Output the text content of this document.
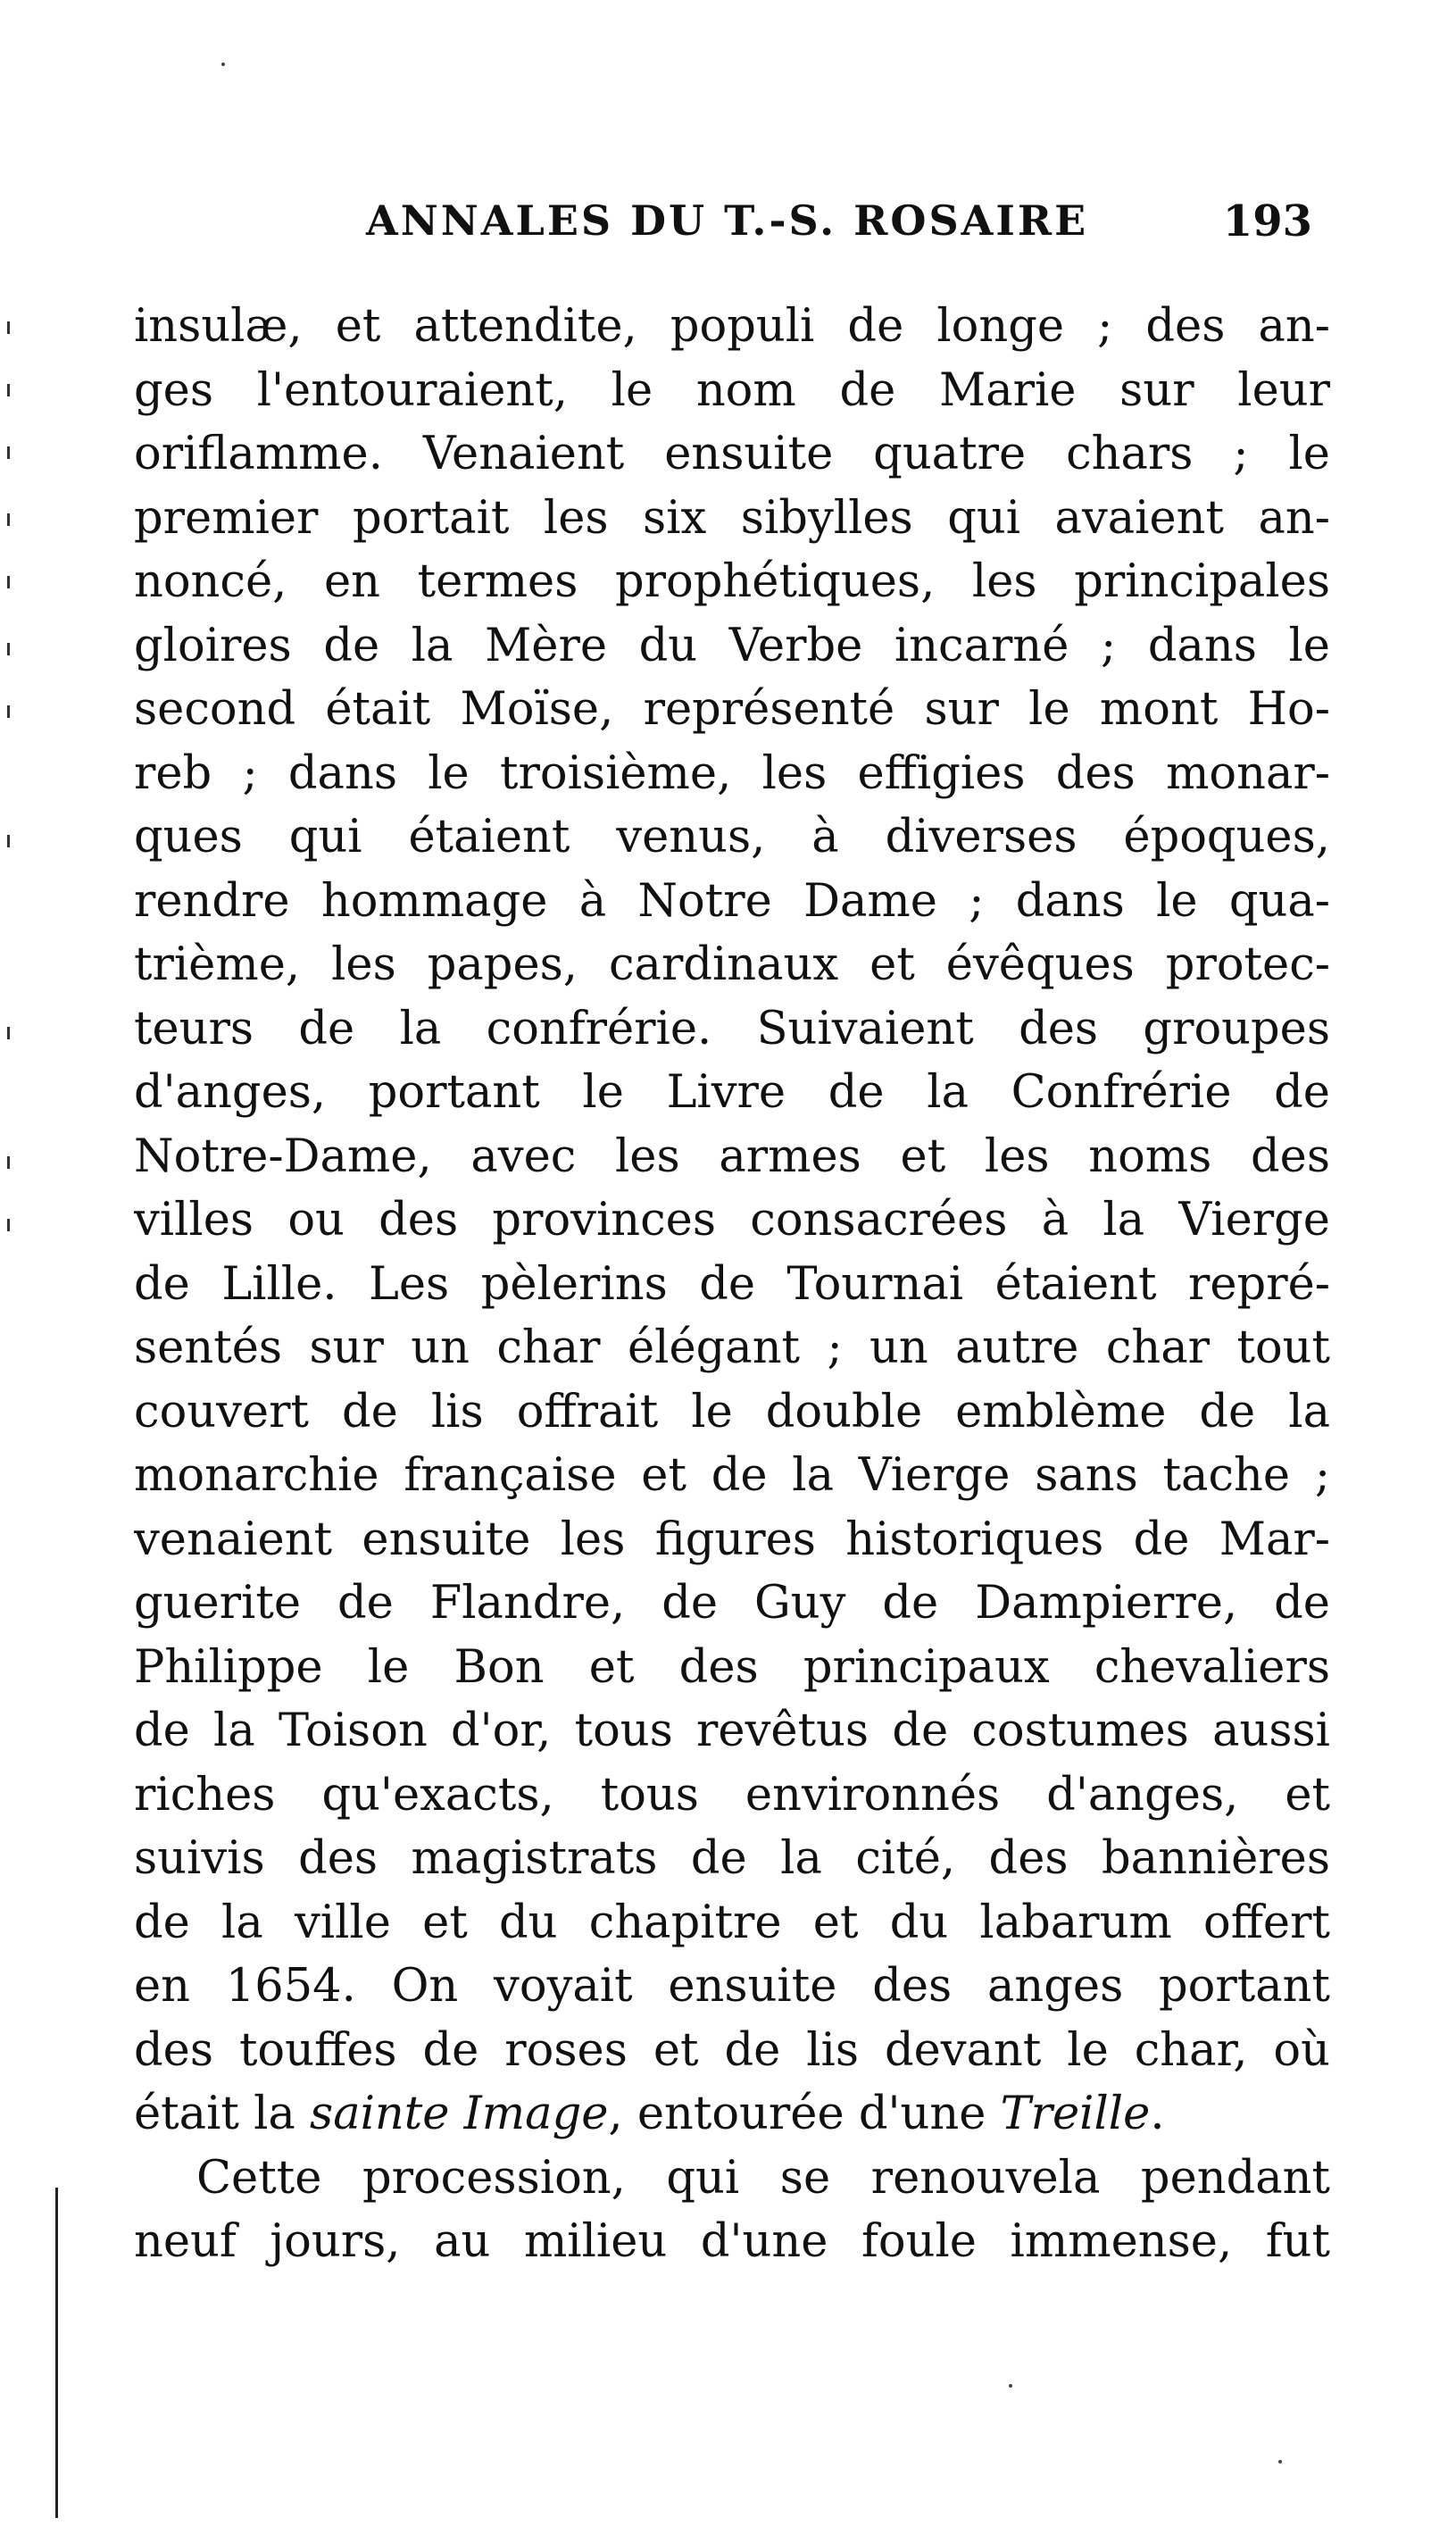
ANNALES DU T.-S. ROSAIRE	193
insulæ, et attendite, populi de longe ; des an-
ges l'entouraient, le nom de Marie sur leur
oriflamme. Venaient ensuite quatre chars ; le
premier portait les six sibylles qui avaient an-
noncé, en termes prophétiques, les principales
gloires de la Mère du Verbe incarné ; dans le
second était Moïse, représenté sur le mont Ho-
reb ; dans le troisième, les effigies des monar-
ques qui étaient venus, à diverses époques,
rendre hommage à Notre Dame ; dans le qua-
trième, les papes, cardinaux et évêques protec-
teurs de la confrérie. Suivaient des groupes
d'anges, portant le Livre de la Confrérie de
Notre-Dame, avec les armes et les noms des
villes ou des provinces consacrées à la Vierge
de Lille. Les pèlerins de Tournai étaient repré-
sentés sur un char élégant ; un autre char tout
couvert de lis offrait le double emblème de la
monarchie française et de la Vierge sans tache ;
venaient ensuite les figures historiques de Mar-
guerite de Flandre, de Guy de Dampierre, de
Philippe le Bon et des principaux chevaliers
de la Toison d'or, tous revêtus de costumes aussi
riches qu'exacts, tous environnés d'anges, et
suivis des magistrats de la cité, des bannières
de la ville et du chapitre et du labarum offert
en 1654. On voyait ensuite des anges portant
des touffes de roses et de lis devant le char, où
était la sainte Image, entourée d'une Treille.
Cette procession, qui se renouvela pendant
neuf jours, au milieu d'une foule immense, fut
